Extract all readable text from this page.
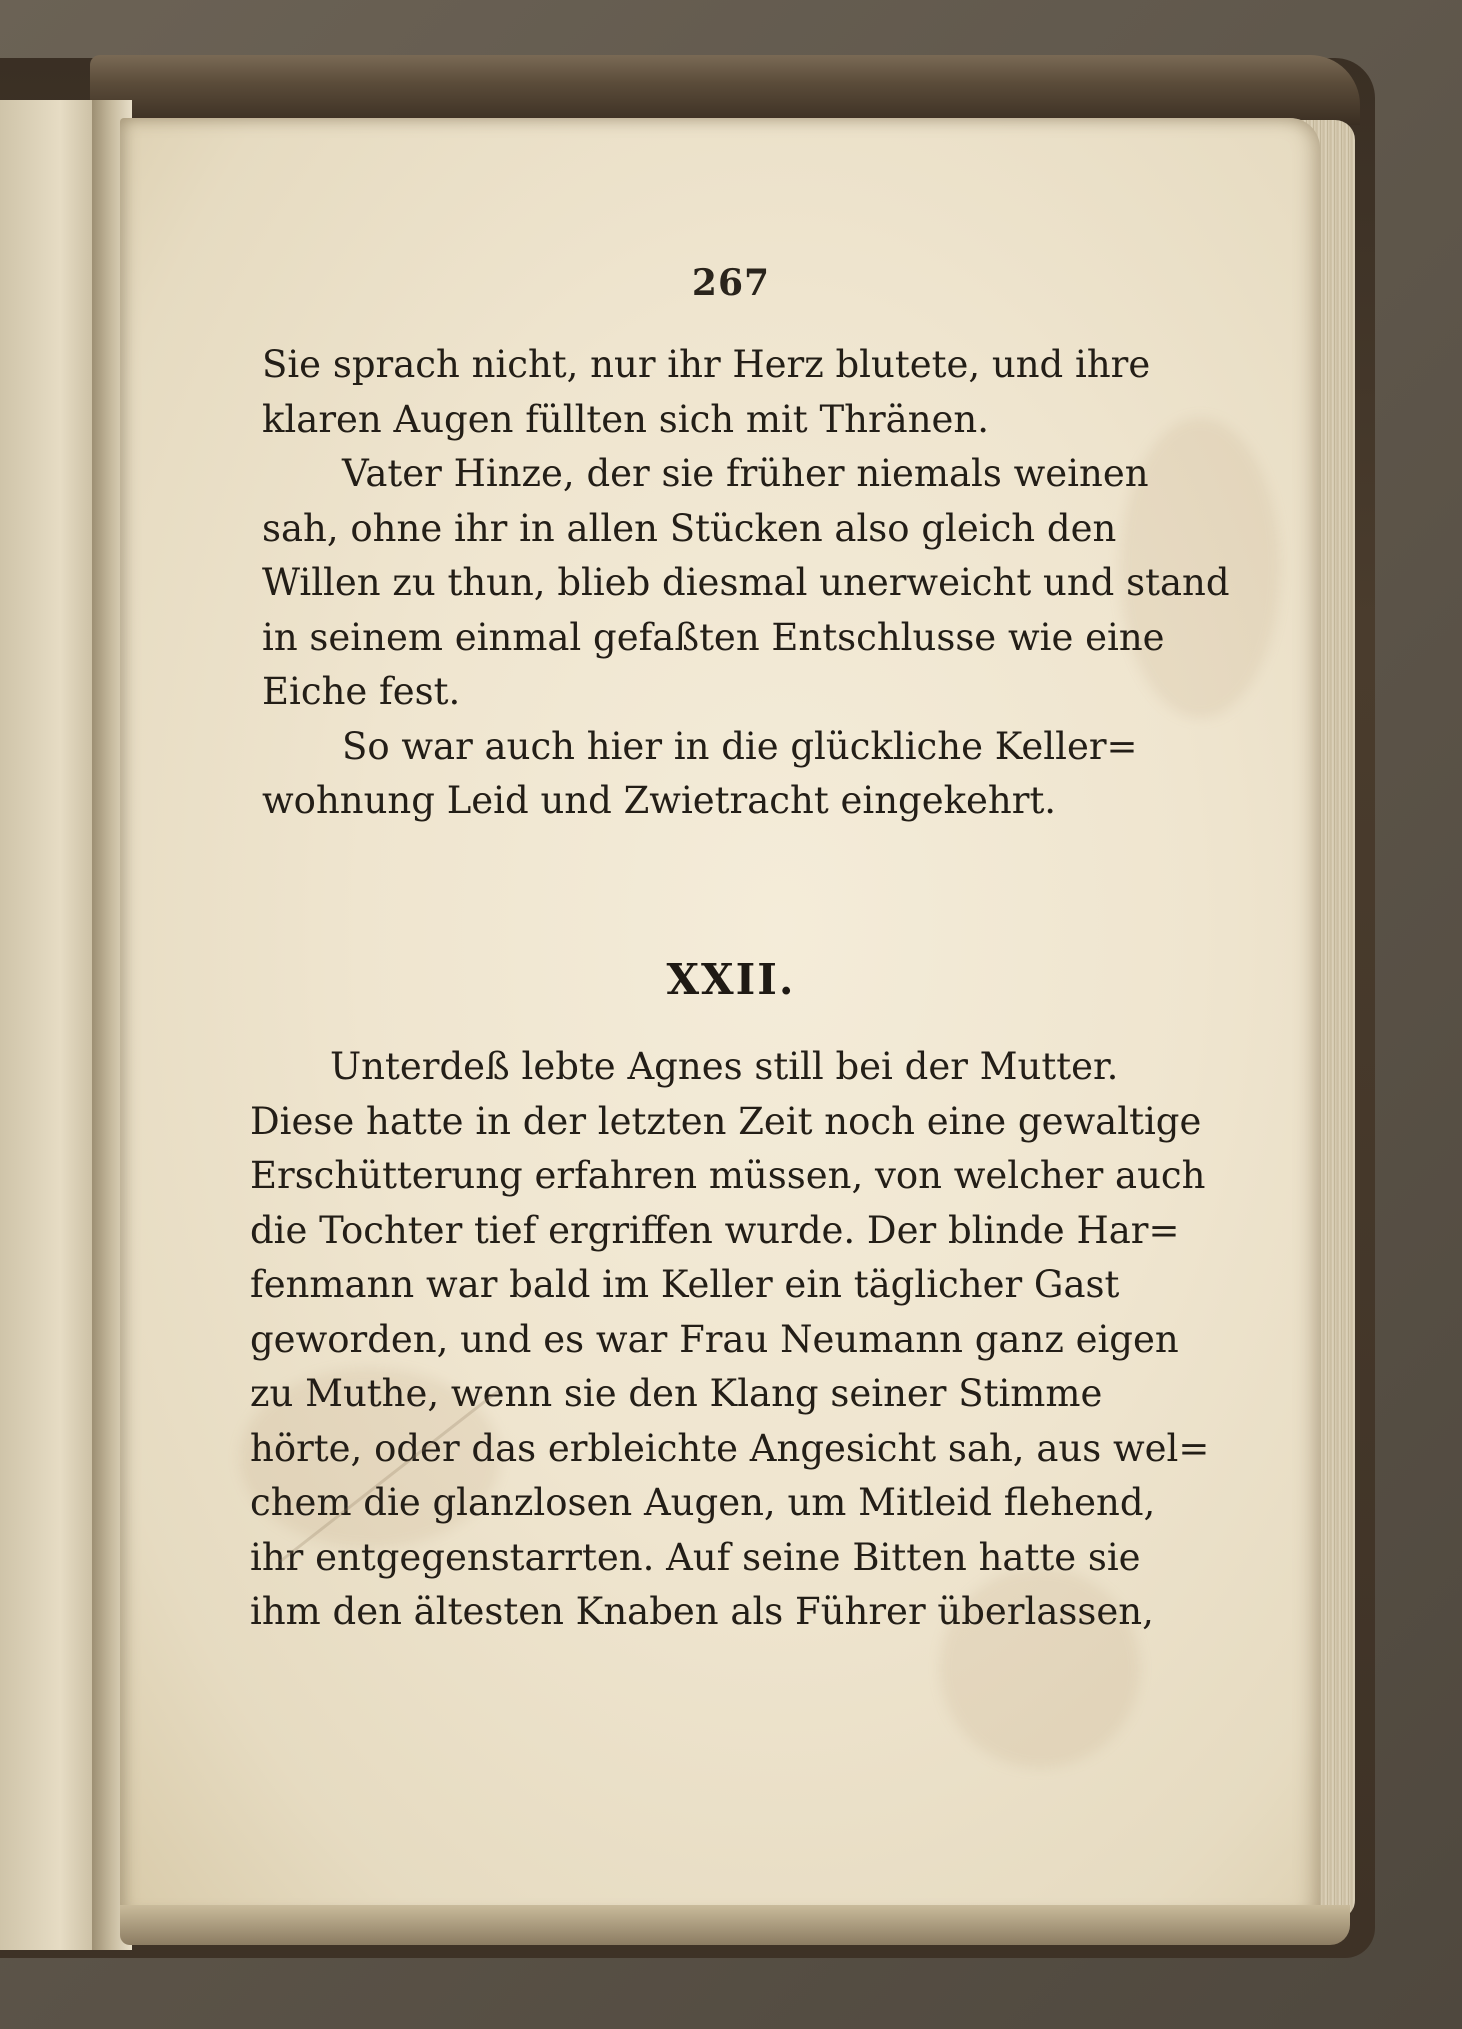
267
Sie sprach nicht, nur ihr Herz blutete, und ihre
klaren Augen füllten sich mit Thränen.
Vater Hinze, der sie früher niemals weinen
sah, ohne ihr in allen Stücken also gleich den
Willen zu thun, blieb diesmal unerweicht und stand
in seinem einmal gefaßten Entschlusse wie eine
Eiche fest.
So war auch hier in die glückliche Keller=
wohnung Leid und Zwietracht eingekehrt.
XXII.
Unterdeß lebte Agnes still bei der Mutter.
Diese hatte in der letzten Zeit noch eine gewaltige
Erschütterung erfahren müssen, von welcher auch
die Tochter tief ergriffen wurde. Der blinde Har=
fenmann war bald im Keller ein täglicher Gast
geworden, und es war Frau Neumann ganz eigen
zu Muthe, wenn sie den Klang seiner Stimme
hörte, oder das erbleichte Angesicht sah, aus wel=
chem die glanzlosen Augen, um Mitleid flehend,
ihr entgegenstarrten. Auf seine Bitten hatte sie
ihm den ältesten Knaben als Führer überlassen,
